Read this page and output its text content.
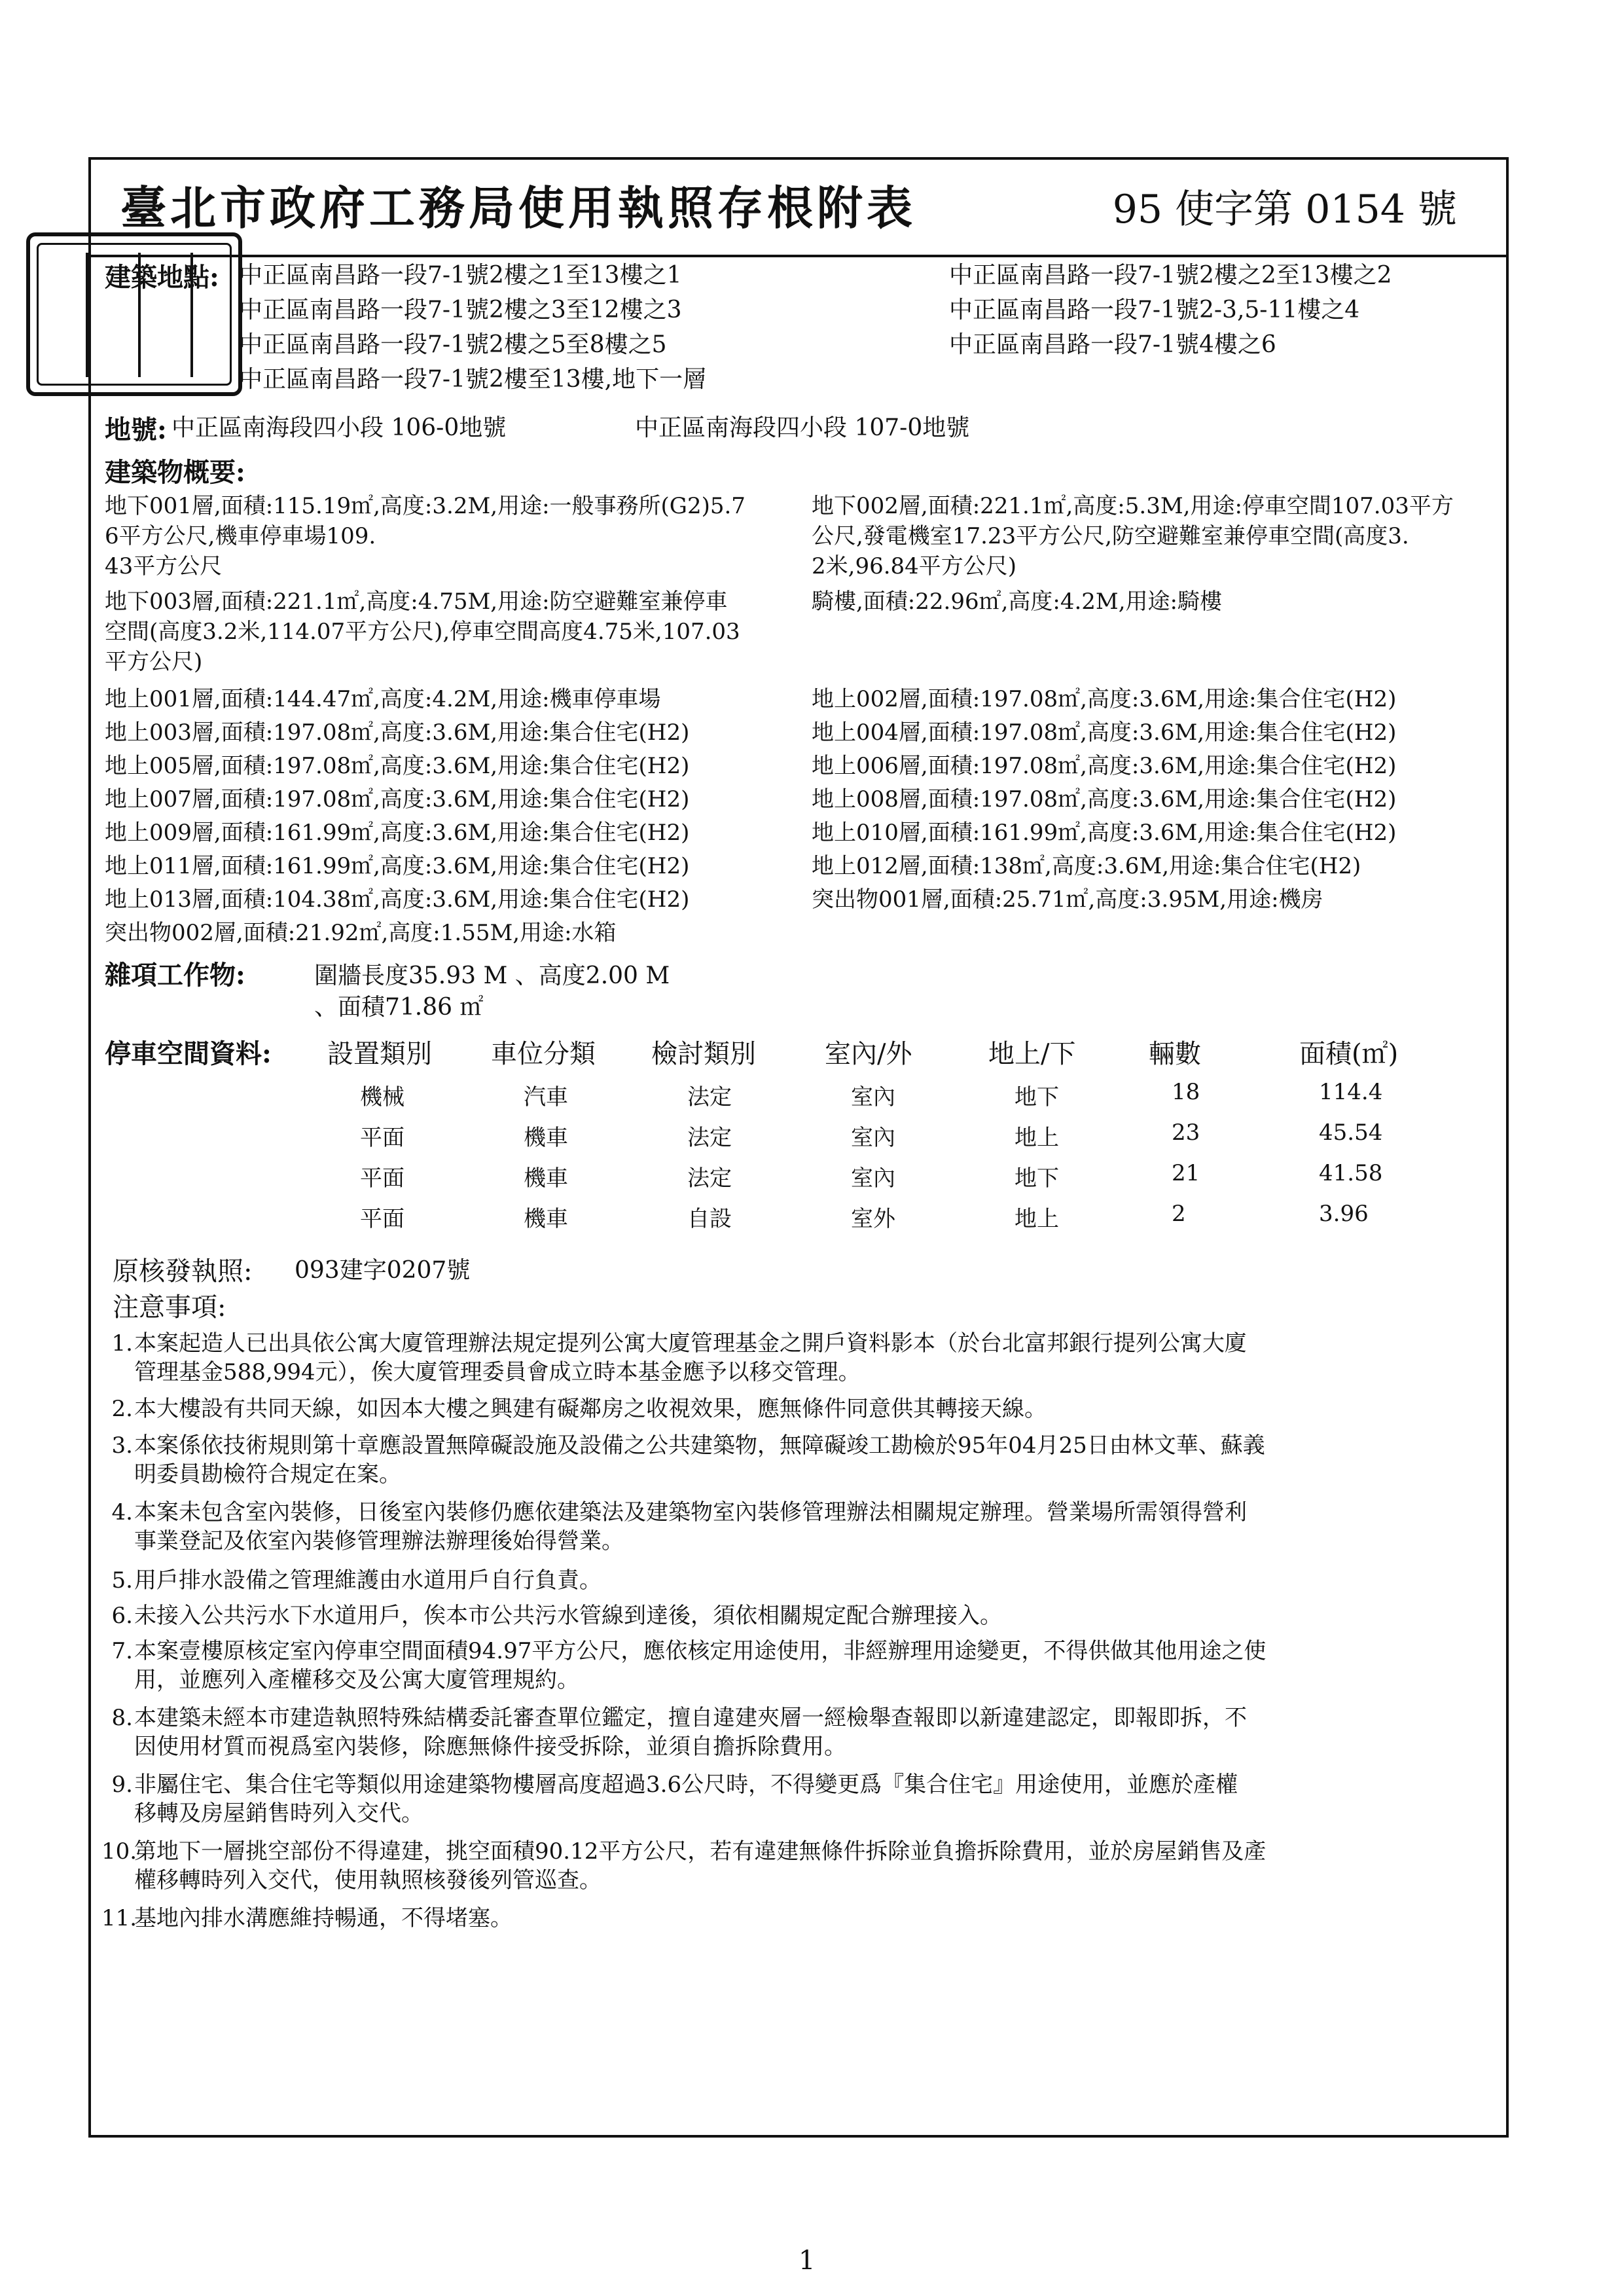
臺北市政府工務局使用執照存根附表	95 使字第 0154 號
建築地點: 中正區南昌路一段7-1號2樓之1至13樓之1
中正區南昌路一段7-1號2樓之3至12樓之3
中正區南昌路一段7-1號2樓之5至8樓之5
中正區南昌路一段7-1號2樓至13樓,地下一層
中正區南昌路一段7-1號2樓之2至13樓之2
中正區南昌路一段7-1號2-3,5-11樓之4
中正區南昌路一段7-1號4樓之6
地號: 中正區南海段四小段 106-0地號	中正區南海段四小段 107-0地號
建築物概要:
地下001層,面積:115.19㎡,高度:3.2M,用途:一般事務所(G2)5.7
6平方公尺,機車停車場109.
43平方公尺
地下002層,面積:221.1㎡,高度:5.3M,用途:停車空間107.03平方
公尺,發電機室17.23平方公尺,防空避難室兼停車空間(高度3.
2米,96.84平方公尺)
地下003層,面積:221.1㎡,高度:4.75M,用途:防空避難室兼停車
空間(高度3.2米,114.07平方公尺),停車空間高度4.75米,107.03
平方公尺)
騎樓,面積:22.96㎡,高度:4.2M,用途:騎樓
地上001層,面積:144.47㎡,高度:4.2M,用途:機車停車場
地上003層,面積:197.08㎡,高度:3.6M,用途:集合住宅(H2)
地上005層,面積:197.08㎡,高度:3.6M,用途:集合住宅(H2)
地上007層,面積:197.08㎡,高度:3.6M,用途:集合住宅(H2)
地上009層,面積:161.99㎡,高度:3.6M,用途:集合住宅(H2)
地上011層,面積:161.99㎡,高度:3.6M,用途:集合住宅(H2)
地上013層,面積:104.38㎡,高度:3.6M,用途:集合住宅(H2)
突出物002層,面積:21.92㎡,高度:1.55M,用途:水箱
地上002層,面積:197.08㎡,高度:3.6M,用途:集合住宅(H2)
地上004層,面積:197.08㎡,高度:3.6M,用途:集合住宅(H2)
地上006層,面積:197.08㎡,高度:3.6M,用途:集合住宅(H2)
地上008層,面積:197.08㎡,高度:3.6M,用途:集合住宅(H2)
地上010層,面積:161.99㎡,高度:3.6M,用途:集合住宅(H2)
地上012層,面積:138㎡,高度:3.6M,用途:集合住宅(H2)
突出物001層,面積:25.71㎡,高度:3.95M,用途:機房
雜項工作物:	圍牆長度35.93 M 、高度2.00 M
、面積71.86 ㎡
停車空間資料: 設置類別 車位分類 檢討類別	室內/外	地上/下	輛數	面積(㎡)
機械	汽車	法定	室內	地下	18	114.4
平面	機車	法定	室內	地上	23	45.54
平面	機車	法定	室內	地下	21	41.58
平面	機車	自設	室外	地上	2	3.96
原核發執照: 093建字0207號
注意事項:
1. 本案起造人已出具依公寓大廈管理辦法規定提列公寓大廈管理基金之開戶資料影本（於台北富邦銀行提列公寓大廈
管理基金588,994元），俟大廈管理委員會成立時本基金應予以移交管理。
2. 本大樓設有共同天線，如因本大樓之興建有礙鄰房之收視效果，應無條件同意供其轉接天線。
3. 本案係依技術規則第十章應設置無障礙設施及設備之公共建築物，無障礙竣工勘檢於95年04月25日由林文華、蘇義
明委員勘檢符合規定在案。
4. 本案未包含室內裝修，日後室內裝修仍應依建築法及建築物室內裝修管理辦法相關規定辦理。營業場所需領得營利
事業登記及依室內裝修管理辦法辦理後始得營業。
5. 用戶排水設備之管理維護由水道用戶自行負責。
6. 未接入公共污水下水道用戶，俟本市公共污水管線到達後，須依相關規定配合辦理接入。
7. 本案壹樓原核定室內停車空間面積94.97平方公尺，應依核定用途使用，非經辦理用途變更，不得供做其他用途之使
用，並應列入產權移交及公寓大廈管理規約。
8. 本建築未經本市建造執照特殊結構委託審查單位鑑定，擅自違建夾層一經檢舉查報即以新違建認定，即報即拆，不
因使用材質而視爲室內裝修，除應無條件接受拆除，並須自擔拆除費用。
9. 非屬住宅、集合住宅等類似用途建築物樓層高度超過3.6公尺時，不得變更爲『集合住宅』用途使用，並應於產權
移轉及房屋銷售時列入交代。
10.
第地下一層挑空部份不得違建，挑空面積90.12平方公尺，若有違建無條件拆除並負擔拆除費用，並於房屋銷售及產
權移轉時列入交代，使用執照核發後列管巡查。
11.
基地內排水溝應維持暢通，不得堵塞。
1
